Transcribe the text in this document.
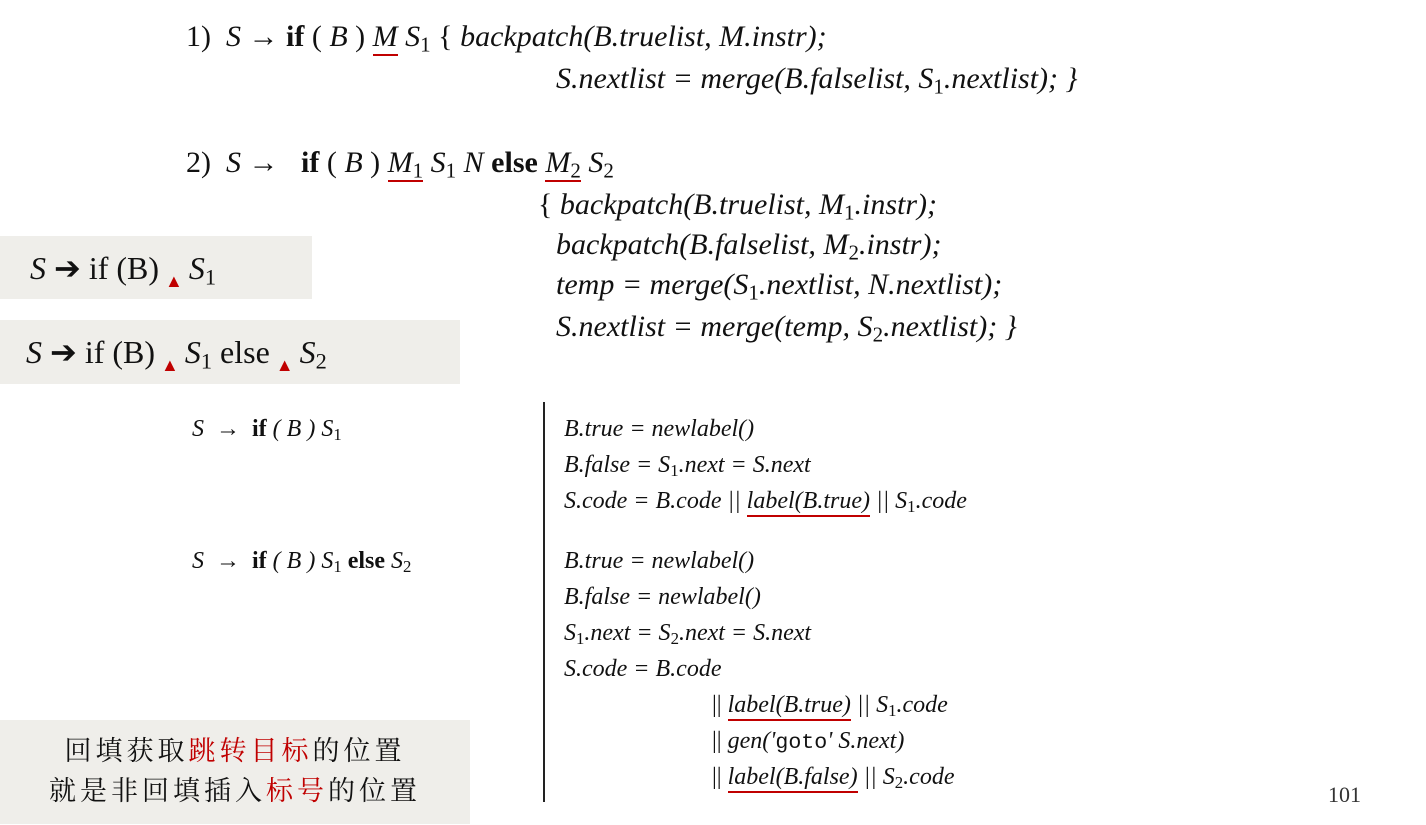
1) S → if ( B ) M $S_1$ { backpatch(B.truelist, M.instr);
S.nextlist = merge(B.falselist, $S_1.nextlist$); }
2) S → if ( B ) $M_1$ $S_1$ N else $M_2$ $S_2$
{ backpatch(B.truelist, $M_1.instr$);
backpatch(B.falselist, $M_2.instr$);
temp = $merge(S_1.nextlist$, N.nextlist);
S.nextlist = merge(temp, $S_2.nextlist$); }
S ➔ if (B) $_▲$ $S_1$
S ➔ if (B) $_▲$ $S_1$ else $_▲$ $S_2$
S → if ( B ) $S_1$	B.true = newlabel()
B.false = $S_1.next$ = S.next
S.code = B.code || label(B.true) || $S_1.code$
S → if ( B ) $S_1$ else $S_2$	B.true = newlabel()
B.false = newlabel()
$S_1.next$ = $S_2.next$ = S.next
S.code = B.code
|| label(B.true) || $S_1.code$
|| gen('goto' S.next)
|| label(B.false) || $S_2.code$
回填获取跳转目标的位置
就是非回填插入标号的位置	101
